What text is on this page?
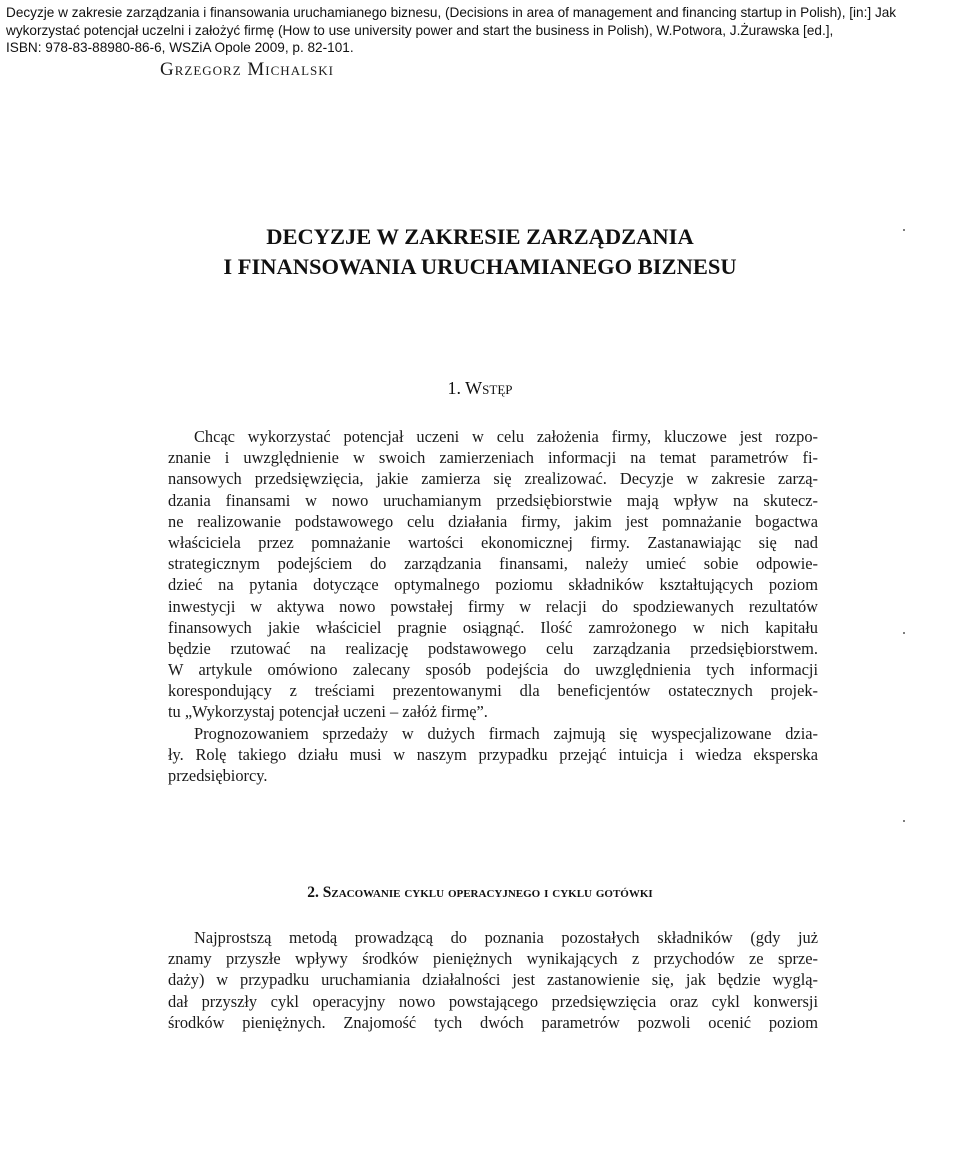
Decyzje w zakresie zarządzania i finansowania uruchamianego biznesu, (Decisions in area of management and financing startup in Polish), [in:] Jak
wykorzystać potencjał uczelni i założyć firmę (How to use university power and start the business in Polish), W.Potwora, J.Żurawska [ed.],
ISBN: 978-83-88980-86-6, WSZiA Opole 2009, p. 82-101.
Grzegorz Michalski
DECYZJE W ZAKRESIE ZARZĄDZANIA
I FINANSOWANIA URUCHAMIANEGO BIZNESU
1. Wstęp
Chcąc wykorzystać potencjał uczeni w celu założenia firmy, kluczowe jest rozpo-
znanie i uwzględnienie w swoich zamierzeniach informacji na temat parametrów fi-
nansowych przedsięwzięcia, jakie zamierza się zrealizować. Decyzje w zakresie zarzą-
dzania finansami w nowo uruchamianym przedsiębiorstwie mają wpływ na skutecz-
ne realizowanie podstawowego celu działania firmy, jakim jest pomnażanie bogactwa
właściciela przez pomnażanie wartości ekonomicznej firmy. Zastanawiając się nad
strategicznym podejściem do zarządzania finansami, należy umieć sobie odpowie-
dzieć na pytania dotyczące optymalnego poziomu składników kształtujących poziom
inwestycji w aktywa nowo powstałej firmy w relacji do spodziewanych rezultatów
finansowych jakie właściciel pragnie osiągnąć. Ilość zamrożonego w nich kapitału
będzie rzutować na realizację podstawowego celu zarządzania przedsiębiorstwem.
W artykule omówiono zalecany sposób podejścia do uwzględnienia tych informacji
korespondujący z treściami prezentowanymi dla beneficjentów ostatecznych projek-
tu „Wykorzystaj potencjał uczeni – załóż firmę”.
Prognozowaniem sprzedaży w dużych firmach zajmują się wyspecjalizowane dzia-
ły. Rolę takiego działu musi w naszym przypadku przejąć intuicja i wiedza eksperska
przedsiębiorcy.
2. Szacowanie cyklu operacyjnego i cyklu gotówki
Najprostszą metodą prowadzącą do poznania pozostałych składników (gdy już
znamy przyszłe wpływy środków pieniężnych wynikających z przychodów ze sprze-
daży) w przypadku uruchamiania działalności jest zastanowienie się, jak będzie wyglą-
dał przyszły cykl operacyjny nowo powstającego przedsięwzięcia oraz cykl konwersji
środków pieniężnych. Znajomość tych dwóch parametrów pozwoli ocenić poziom
